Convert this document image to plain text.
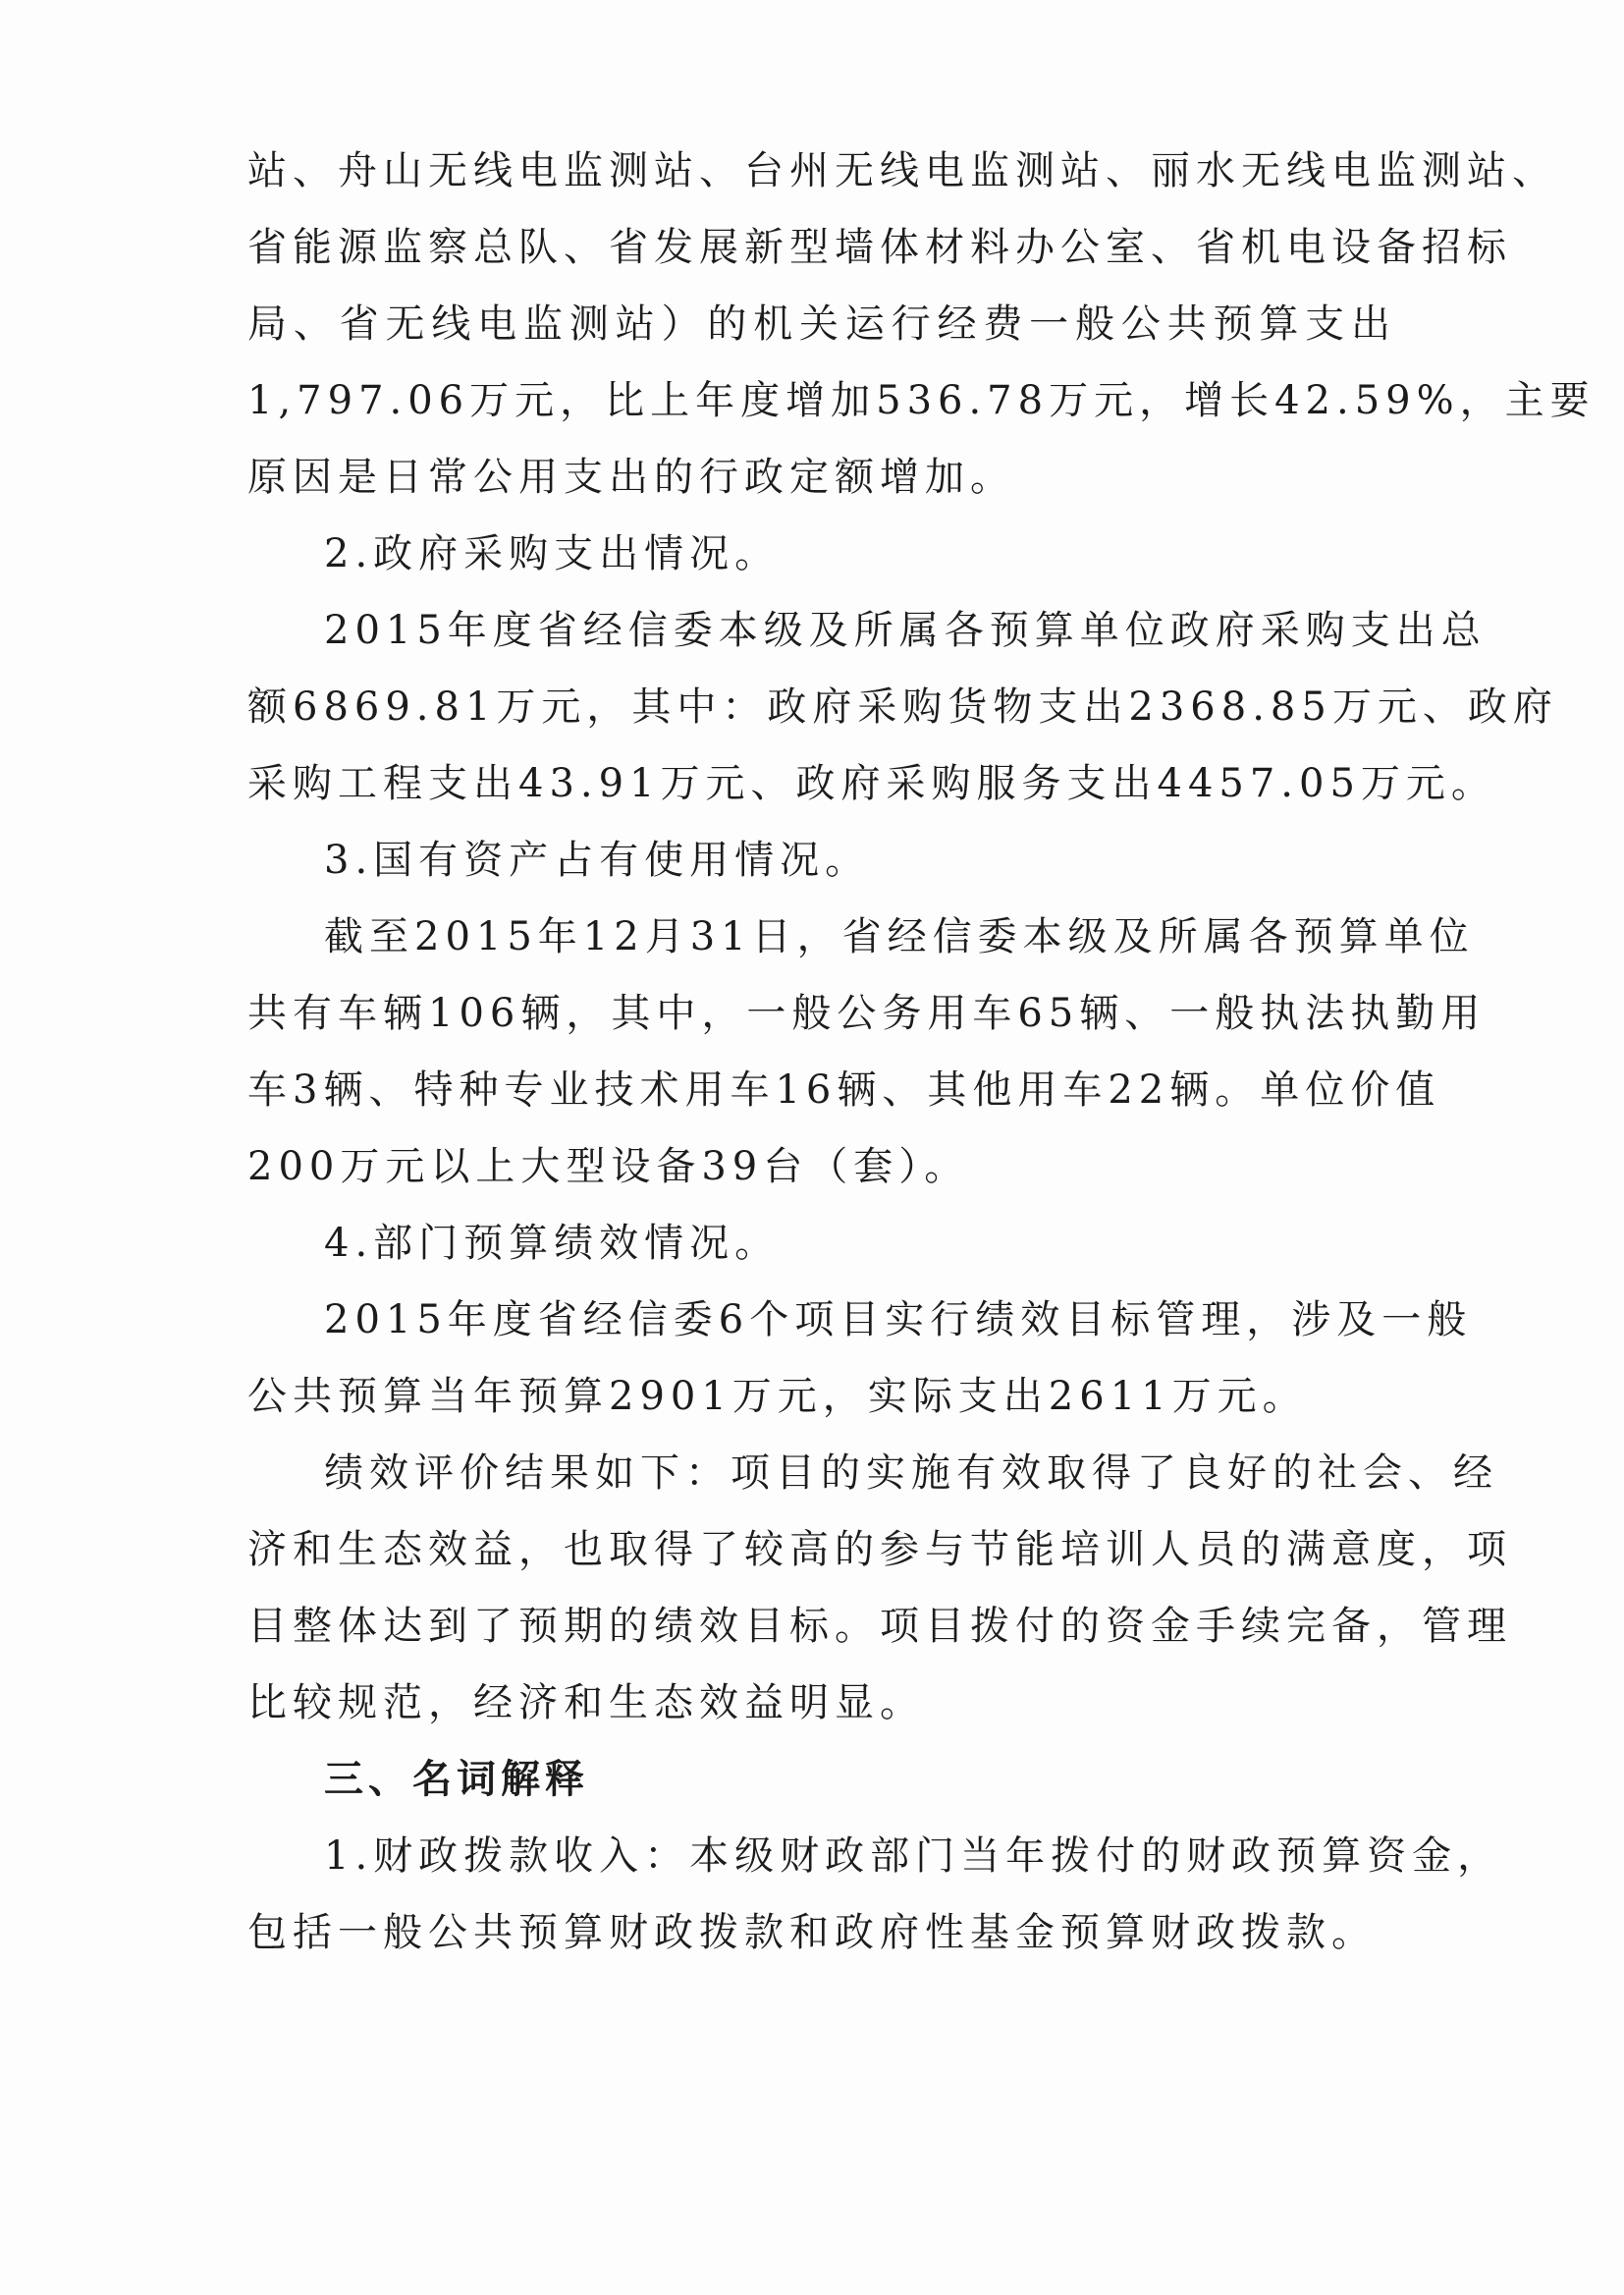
站、舟山无线电监测站、台州无线电监测站、丽水无线电监测站、
省能源监察总队、省发展新型墙体材料办公室、省机电设备招标
局、省无线电监测站）的机关运行经费一般公共预算支出
1,797.06万元，比上年度增加536.78万元，增长42.59%，主要
原因是日常公用支出的行政定额增加。
2.政府采购支出情况。
2015年度省经信委本级及所属各预算单位政府采购支出总
额6869.81万元，其中：政府采购货物支出2368.85万元、政府
采购工程支出43.91万元、政府采购服务支出4457.05万元。
3.国有资产占有使用情况。
截至2015年12月31日，省经信委本级及所属各预算单位
共有车辆106辆，其中，一般公务用车65辆、一般执法执勤用
车3辆、特种专业技术用车16辆、其他用车22辆。单位价值
200万元以上大型设备39台（套）。
4.部门预算绩效情况。
2015年度省经信委6个项目实行绩效目标管理，涉及一般
公共预算当年预算2901万元，实际支出2611万元。
绩效评价结果如下：项目的实施有效取得了良好的社会、经
济和生态效益，也取得了较高的参与节能培训人员的满意度，项
目整体达到了预期的绩效目标。项目拨付的资金手续完备，管理
比较规范，经济和生态效益明显。
三、名词解释
1.财政拨款收入：本级财政部门当年拨付的财政预算资金，
包括一般公共预算财政拨款和政府性基金预算财政拨款。
